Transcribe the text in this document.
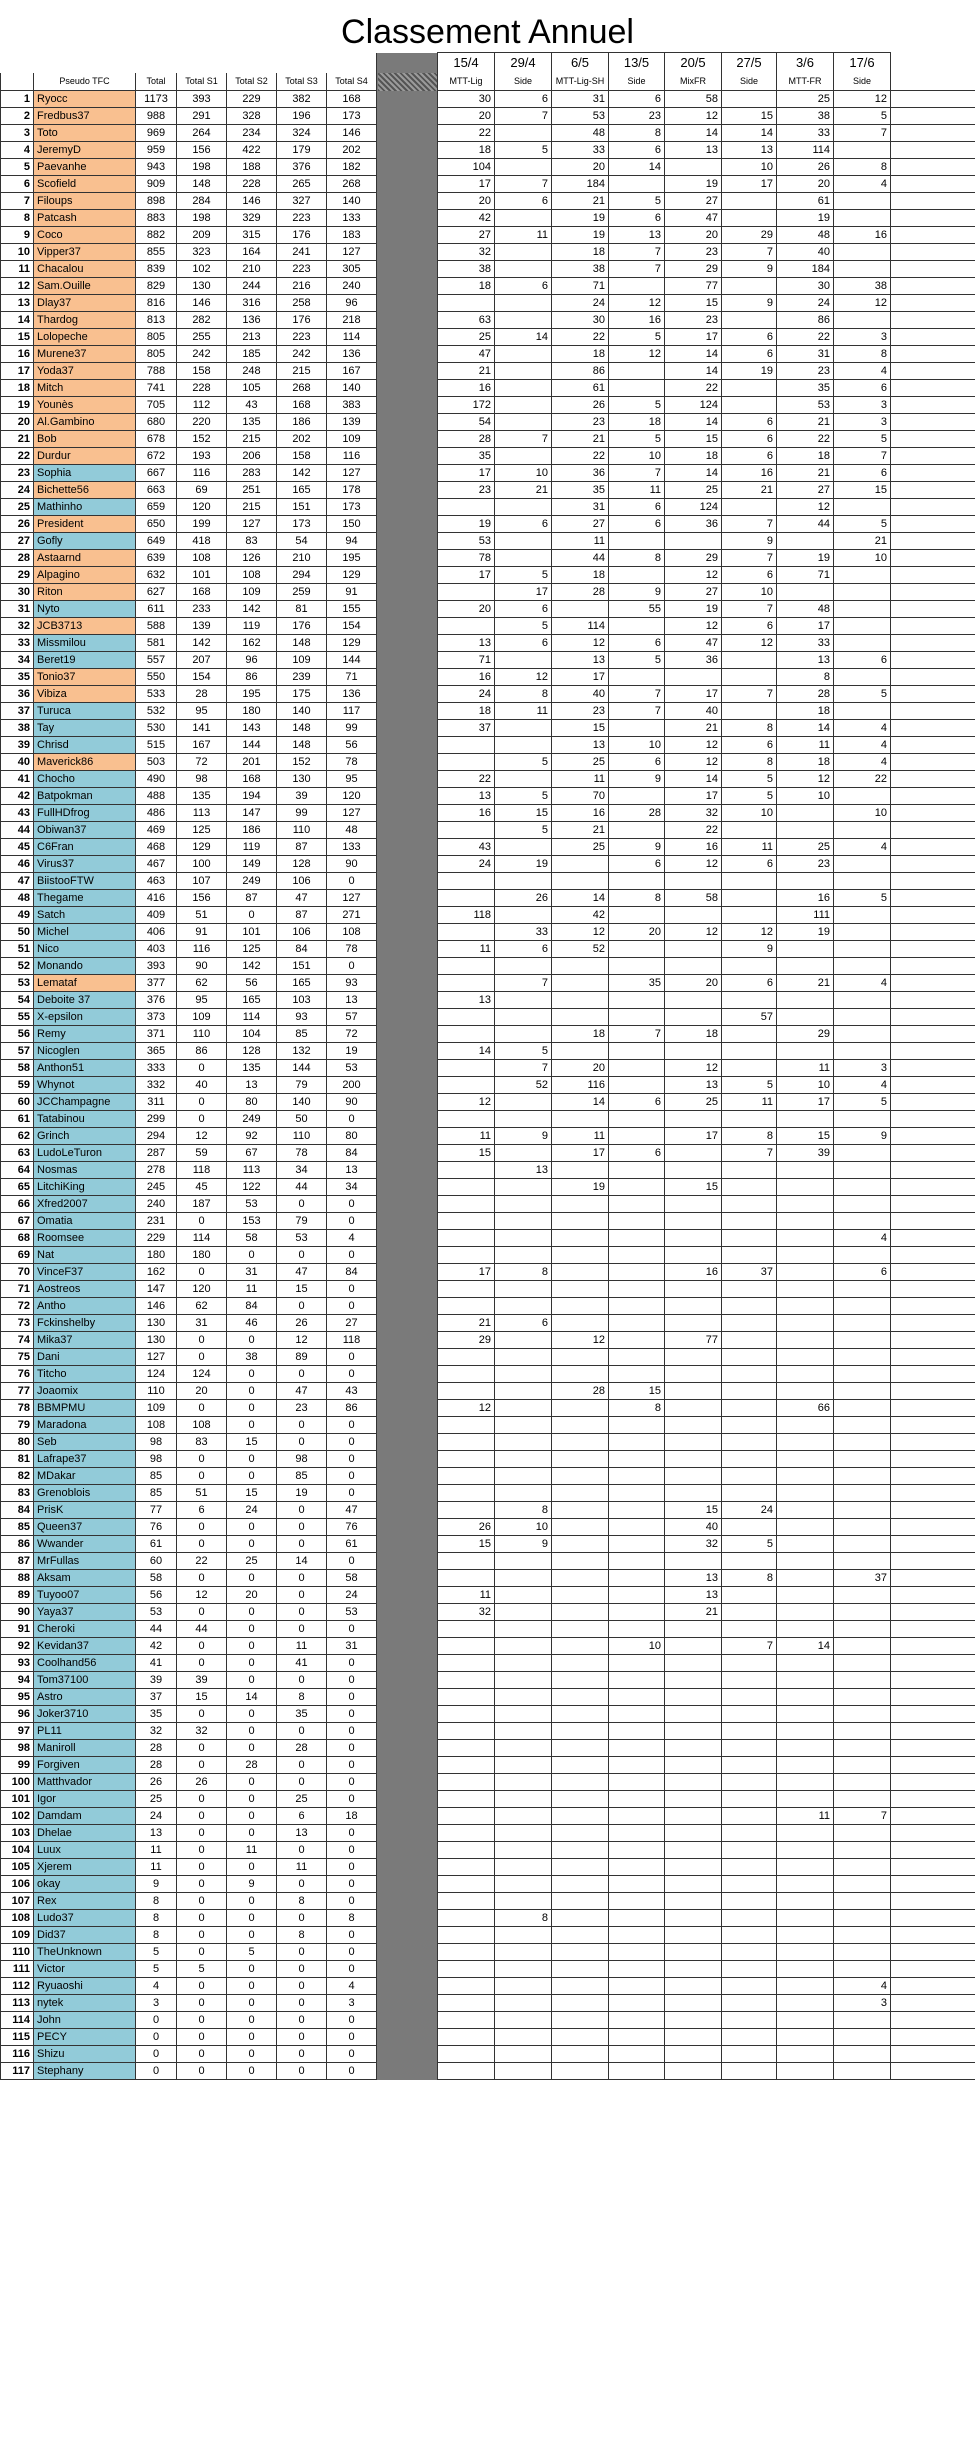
Classement Annuel
								15/4	29/4	6/5	13/5	20/5	27/5	3/6	17/6	
	Pseudo TFC	Total	Total S1	Total S2	Total S3	Total S4		MTT-Lig	Side	MTT-Lig-SH	Side	MixFR	Side	MTT-FR	Side	
1	Ryocc	1173	393	229	382	168		30	6	31	6	58		25	12	
2	Fredbus37	988	291	328	196	173		20	7	53	23	12	15	38	5	
3	Toto	969	264	234	324	146		22		48	8	14	14	33	7	
4	JeremyD	959	156	422	179	202		18	5	33	6	13	13	114		
5	Paevanhe	943	198	188	376	182		104		20	14		10	26	8	
6	Scofield	909	148	228	265	268		17	7	184		19	17	20	4	
7	Filoups	898	284	146	327	140		20	6	21	5	27		61		
8	Patcash	883	198	329	223	133		42		19	6	47		19		
9	Coco	882	209	315	176	183		27	11	19	13	20	29	48	16	
10	Vipper37	855	323	164	241	127		32		18	7	23	7	40		
11	Chacalou	839	102	210	223	305		38		38	7	29	9	184		
12	Sam.Ouille	829	130	244	216	240		18	6	71		77		30	38	
13	Dlay37	816	146	316	258	96				24	12	15	9	24	12	
14	Thardog	813	282	136	176	218		63		30	16	23		86		
15	Lolopeche	805	255	213	223	114		25	14	22	5	17	6	22	3	
16	Murene37	805	242	185	242	136		47		18	12	14	6	31	8	
17	Yoda37	788	158	248	215	167		21		86		14	19	23	4	
18	Mitch	741	228	105	268	140		16		61		22		35	6	
19	Younès	705	112	43	168	383		172		26	5	124		53	3	
20	Al.Gambino	680	220	135	186	139		54		23	18	14	6	21	3	
21	Bob	678	152	215	202	109		28	7	21	5	15	6	22	5	
22	Durdur	672	193	206	158	116		35		22	10	18	6	18	7	
23	Sophia	667	116	283	142	127		17	10	36	7	14	16	21	6	
24	Bichette56	663	69	251	165	178		23	21	35	11	25	21	27	15	
25	Mathinho	659	120	215	151	173				31	6	124		12		
26	President	650	199	127	173	150		19	6	27	6	36	7	44	5	
27	Gofly	649	418	83	54	94		53		11			9		21	
28	Astaarnd	639	108	126	210	195		78		44	8	29	7	19	10	
29	Alpagino	632	101	108	294	129		17	5	18		12	6	71		
30	Riton	627	168	109	259	91			17	28	9	27	10			
31	Nyto	611	233	142	81	155		20	6		55	19	7	48		
32	JCB3713	588	139	119	176	154			5	114		12	6	17		
33	Missmilou	581	142	162	148	129		13	6	12	6	47	12	33		
34	Beret19	557	207	96	109	144		71		13	5	36		13	6	
35	Tonio37	550	154	86	239	71		16	12	17				8		
36	Vibiza	533	28	195	175	136		24	8	40	7	17	7	28	5	
37	Turuca	532	95	180	140	117		18	11	23	7	40		18		
38	Tay	530	141	143	148	99		37		15		21	8	14	4	
39	Chrisd	515	167	144	148	56				13	10	12	6	11	4	
40	Maverick86	503	72	201	152	78			5	25	6	12	8	18	4	
41	Chocho	490	98	168	130	95		22		11	9	14	5	12	22	
42	Batpokman	488	135	194	39	120		13	5	70		17	5	10		
43	FullHDfrog	486	113	147	99	127		16	15	16	28	32	10		10	
44	Obiwan37	469	125	186	110	48			5	21		22				
45	C6Fran	468	129	119	87	133		43		25	9	16	11	25	4	
46	Virus37	467	100	149	128	90		24	19		6	12	6	23		
47	BiistooFTW	463	107	249	106	0										
48	Thegame	416	156	87	47	127			26	14	8	58		16	5	
49	Satch	409	51	0	87	271		118		42				111		
50	Michel	406	91	101	106	108			33	12	20	12	12	19		
51	Nico	403	116	125	84	78		11	6	52			9			
52	Monando	393	90	142	151	0										
53	Lemataf	377	62	56	165	93			7		35	20	6	21	4	
54	Deboite 37	376	95	165	103	13		13								
55	X-epsilon	373	109	114	93	57							57			
56	Remy	371	110	104	85	72				18	7	18		29		
57	Nicoglen	365	86	128	132	19		14	5							
58	Anthon51	333	0	135	144	53			7	20		12		11	3	
59	Whynot	332	40	13	79	200			52	116		13	5	10	4	
60	JCChampagne	311	0	80	140	90		12		14	6	25	11	17	5	
61	Tatabinou	299	0	249	50	0										
62	Grinch	294	12	92	110	80		11	9	11		17	8	15	9	
63	LudoLeTuron	287	59	67	78	84		15		17	6		7	39		
64	Nosmas	278	118	113	34	13			13							
65	LitchiKing	245	45	122	44	34				19		15				
66	Xfred2007	240	187	53	0	0										
67	Omatia	231	0	153	79	0										
68	Roomsee	229	114	58	53	4									4	
69	Nat	180	180	0	0	0										
70	VinceF37	162	0	31	47	84		17	8			16	37		6	
71	Aostreos	147	120	11	15	0										
72	Antho	146	62	84	0	0										
73	Fckinshelby	130	31	46	26	27		21	6							
74	Mika37	130	0	0	12	118		29		12		77				
75	Dani	127	0	38	89	0										
76	Titcho	124	124	0	0	0										
77	Joaomix	110	20	0	47	43				28	15					
78	BBMPMU	109	0	0	23	86		12			8			66		
79	Maradona	108	108	0	0	0										
80	Seb	98	83	15	0	0										
81	Lafrape37	98	0	0	98	0										
82	MDakar	85	0	0	85	0										
83	Grenoblois	85	51	15	19	0										
84	PrisK	77	6	24	0	47			8			15	24			
85	Queen37	76	0	0	0	76		26	10			40				
86	Wwander	61	0	0	0	61		15	9			32	5			
87	MrFullas	60	22	25	14	0										
88	Aksam	58	0	0	0	58						13	8		37	
89	Tuyoo07	56	12	20	0	24		11				13				
90	Yaya37	53	0	0	0	53		32				21				
91	Cheroki	44	44	0	0	0										
92	Kevidan37	42	0	0	11	31					10		7	14		
93	Coolhand56	41	0	0	41	0										
94	Tom37100	39	39	0	0	0										
95	Astro	37	15	14	8	0										
96	Joker3710	35	0	0	35	0										
97	PL11	32	32	0	0	0										
98	Maniroll	28	0	0	28	0										
99	Forgiven	28	0	28	0	0										
100	Matthvador	26	26	0	0	0										
101	Igor	25	0	0	25	0										
102	Damdam	24	0	0	6	18								11	7	
103	Dhelae	13	0	0	13	0										
104	Luux	11	0	11	0	0										
105	Xjerem	11	0	0	11	0										
106	okay	9	0	9	0	0										
107	Rex	8	0	0	8	0										
108	Ludo37	8	0	0	0	8			8							
109	Did37	8	0	0	8	0										
110	TheUnknown	5	0	5	0	0										
111	Victor	5	5	0	0	0										
112	Ryuaoshi	4	0	0	0	4									4	
113	nytek	3	0	0	0	3									3	
114	John	0	0	0	0	0										
115	PECY	0	0	0	0	0										
116	Shizu	0	0	0	0	0										
117	Stephany	0	0	0	0	0										
